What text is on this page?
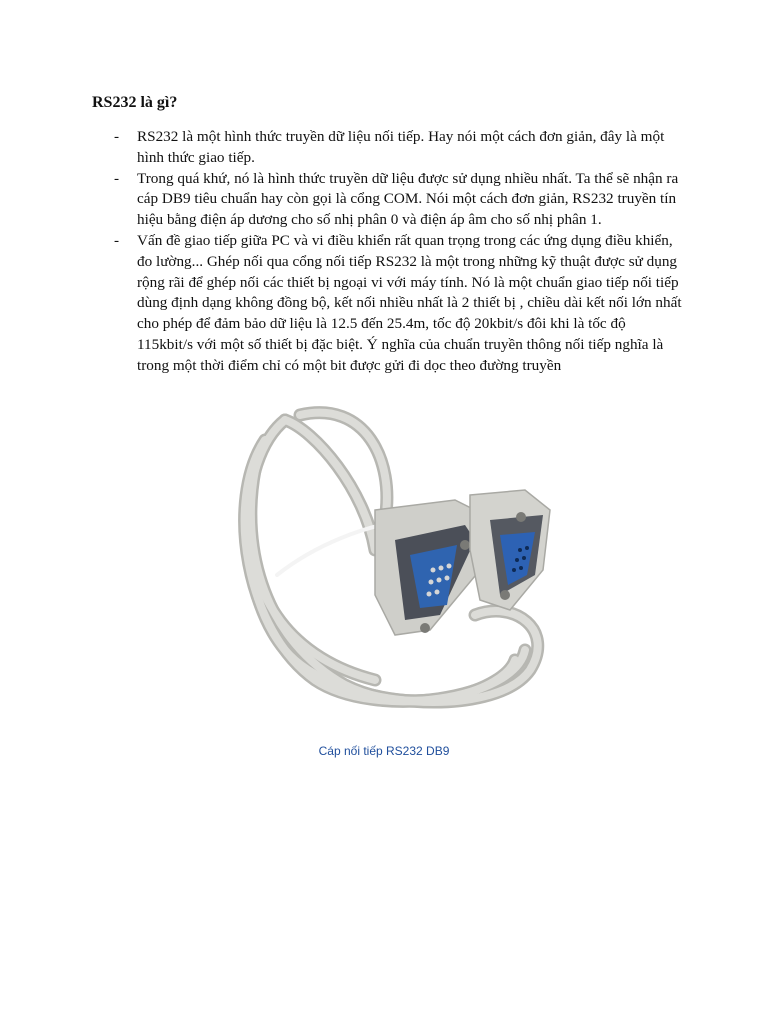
RS232 là gì?
- RS232 là một hình thức truyền dữ liệu nối tiếp. Hay nói một cách đơn giản, đây là một hình thức giao tiếp.
- Trong quá khứ, nó là hình thức truyền dữ liệu được sử dụng nhiều nhất. Ta thể sẽ nhận ra cáp DB9 tiêu chuẩn hay còn gọi là cổng COM. Nói một cách đơn giản, RS232 truyền tín hiệu bằng điện áp dương cho số nhị phân 0 và điện áp âm cho số nhị phân 1.
- Vấn đề giao tiếp giữa PC và vi điều khiển rất quan trọng trong các ứng dụng điều khiển, đo lường... Ghép nối qua cổng nối tiếp RS232 là một trong những kỹ thuật được sử dụng rộng rãi để ghép nối các thiết bị ngoại vi với máy tính. Nó là một chuẩn giao tiếp nối tiếp dùng định dạng không đồng bộ, kết nối nhiều nhất là 2 thiết bị , chiều dài kết nối lớn nhất cho phép để đảm bảo dữ liệu là 12.5 đến 25.4m, tốc độ 20kbit/s đôi khi là tốc độ 115kbit/s với một số thiết bị đặc biệt. Ý nghĩa của chuẩn truyền thông nối tiếp nghĩa là trong một thời điểm chỉ có một bit được gửi đi dọc theo đường truyền
Cáp nối tiếp RS232 DB9
